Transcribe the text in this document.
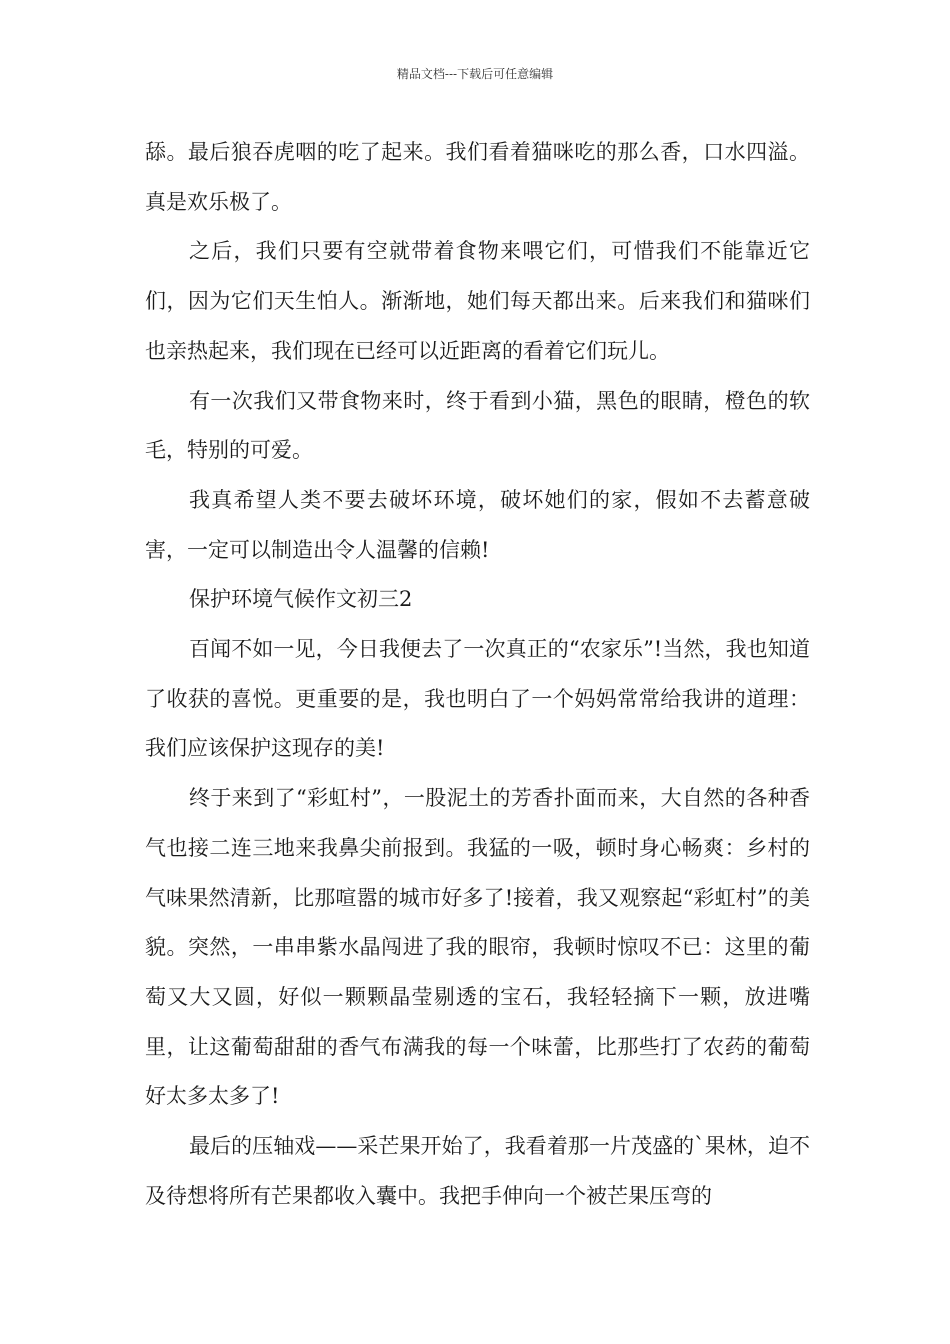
精品文档---下载后可任意编辑

舔。最后狼吞虎咽的吃了起来。我们看着猫咪吃的那么香，口水四溢。真是欢乐极了。

之后，我们只要有空就带着食物来喂它们，可惜我们不能靠近它们，因为它们天生怕人。渐渐地，她们每天都出来。后来我们和猫咪们也亲热起来，我们现在已经可以近距离的看着它们玩儿。

有一次我们又带食物来时，终于看到小猫，黑色的眼睛，橙色的软毛，特别的可爱。

我真希望人类不要去破坏环境，破坏她们的家，假如不去蓄意破害，一定可以制造出令人温馨的信赖!

保护环境气候作文初三2

百闻不如一见，今日我便去了一次真正的“农家乐”!当然，我也知道了收获的喜悦。更重要的是，我也明白了一个妈妈常常给我讲的道理：我们应该保护这现存的美!

终于来到了“彩虹村”，一股泥土的芳香扑面而来，大自然的各种香气也接二连三地来我鼻尖前报到。我猛的一吸，顿时身心畅爽：乡村的气味果然清新，比那喧嚣的城市好多了!接着，我又观察起“彩虹村”的美貌。突然，一串串紫水晶闯进了我的眼帘，我顿时惊叹不已：这里的葡萄又大又圆，好似一颗颗晶莹剔透的宝石，我轻轻摘下一颗，放进嘴里，让这葡萄甜甜的香气布满我的每一个味蕾，比那些打了农药的葡萄好太多太多了!

最后的压轴戏——采芒果开始了，我看着那一片茂盛的`果林，迫不及待想将所有芒果都收入囊中。我把手伸向一个被芒果压弯的
